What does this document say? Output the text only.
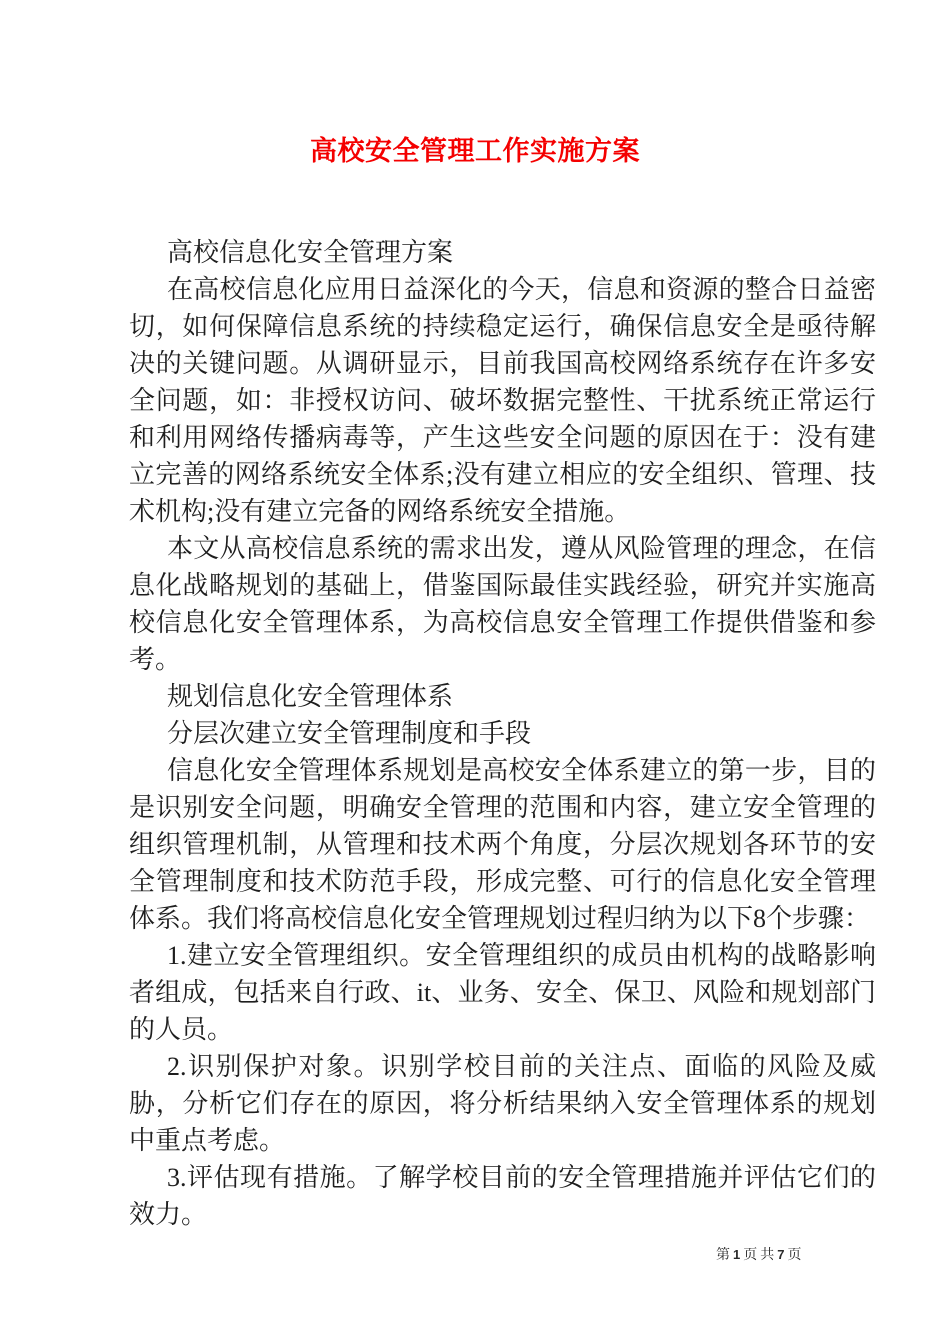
高校安全管理工作实施方案

高校信息化安全管理方案

在高校信息化应用日益深化的今天，信息和资源的整合日益密切，如何保障信息系统的持续稳定运行，确保信息安全是亟待解决的关键问题。从调研显示，目前我国高校网络系统存在许多安全问题，如：非授权访问、破坏数据完整性、干扰系统正常运行和利用网络传播病毒等，产生这些安全问题的原因在于：没有建立完善的网络系统安全体系;没有建立相应的安全组织、管理、技术机构;没有建立完备的网络系统安全措施。

本文从高校信息系统的需求出发，遵从风险管理的理念，在信息化战略规划的基础上，借鉴国际最佳实践经验，研究并实施高校信息化安全管理体系，为高校信息安全管理工作提供借鉴和参考。

规划信息化安全管理体系

分层次建立安全管理制度和手段

信息化安全管理体系规划是高校安全体系建立的第一步，目的是识别安全问题，明确安全管理的范围和内容，建立安全管理的组织管理机制，从管理和技术两个角度，分层次规划各环节的安全管理制度和技术防范手段，形成完整、可行的信息化安全管理体系。我们将高校信息化安全管理规划过程归纳为以下8个步骤：

1.建立安全管理组织。安全管理组织的成员由机构的战略影响者组成，包括来自行政、it、业务、安全、保卫、风险和规划部门的人员。

2.识别保护对象。识别学校目前的关注点、面临的风险及威胁，分析它们存在的原因，将分析结果纳入安全管理体系的规划中重点考虑。

3.评估现有措施。了解学校目前的安全管理措施并评估它们的效力。

第 1 页 共 7 页
